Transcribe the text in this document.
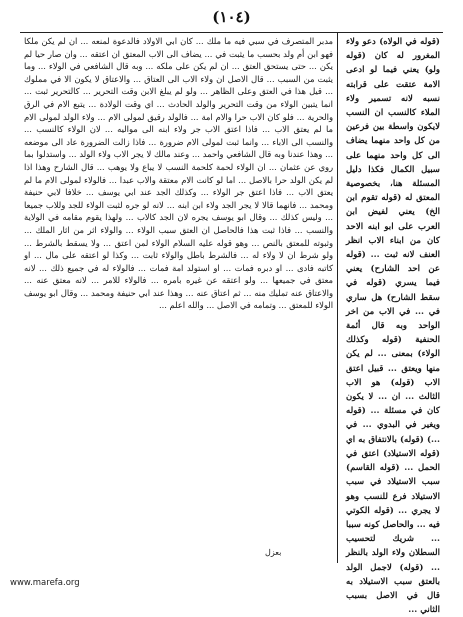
(١٠٤)
مدبر المتصرف في سبي فيه ما ملك ... كان ابي الاولاد فالدعوة لمنعه ... ان لم يكن ملكا فهو ابن أم ولد بحسب ما يثبت في ... يضاف الى الاب المعتق ان اعتقه ... وان صار حيا لم يكن ... حتى يستحق العتق ... ان لم يكن على ملكه ... وبه قال الشافعي في الولاء ... وما يثبت من السبب ... قال الاصل ان ولاء الاب الى العتاق ... والاعتاق لا يكون الا في مملوك ... قيل هذا في العتق وعلى الظاهر ... ولو لم يبلغ الابن وقت التحرير ... كالتحرير ثبت ... انما يتبين الولاء من وقت التحرير والولد الحادث ... اي وقت الولادة ... يتبع الام في الرق والحرية ... فلو كان الاب حرا والام امة ... فالولد رقيق لمولى الام ... ولاء الولد لمولى الام ما لم يعتق الاب ... فاذا اعتق الاب جر ولاء ابنه الى مواليه ... لان الولاء كالنسب ... والنسب الى الاباء ... وانما ثبت لمولى الام ضرورة ... فاذا زالت الضرورة عاد الى موضعه ... وهذا عندنا وبه قال الشافعي واحمد ... وعند مالك لا يجر الاب ولاء الولد ... واستدلوا بما روي عن عثمان ... ان الولاء لحمة كلحمة النسب لا يباع ولا يوهب ... قال الشارح وهذا اذا لم يكن الولد حرا بالاصل ... اما لو كانت الام معتقة والاب عبدا ... فالولاء لمولى الام ما لم يعتق الاب ... فاذا اعتق جر الولاء ... وكذلك الجد عند ابي يوسف ... خلافا لابي حنيفة ومحمد ... فانهما قالا لا يجر الجد ولاء ابن ابنه ... لانه لو جره لثبت الولاء للجد وللاب جميعا ... وليس كذلك ... وقال ابو يوسف يجره لان الجد كالاب ... ولهذا يقوم مقامه في الولاية والنسب ... فاذا ثبت هذا فالحاصل ان العتق سبب الولاء ... والولاء اثر من اثار الملك ... وثبوته للمعتق بالنص ... وهو قوله عليه السلام الولاء لمن اعتق ... ولا يسقط بالشرط ... ولو شرط ان لا ولاء له ... فالشرط باطل والولاء ثابت ... وكذا لو اعتقه على مال ... او كاتبه فادى ... او دبره فمات ... او استولد امة فمات ... فالولاء له في جميع ذلك ... لانه معتق في جميعها ... ولو اعتقه عن غيره بامره ... فالولاء للامر ... لانه معتق عنه ... والاعتاق عنه تمليك منه ... ثم اعتاق عنه ... وهذا عند ابي حنيفة ومحمد ... وقال ابو يوسف الولاء للمعتق ... وتمامه في الاصل ... والله اعلم ...
(قوله في الولاه) دعو ولاء المغرور له كان (قوله ولو) يعني فيما لو ادعى الامة عتقت على قرابته نسبه لانه تسمير ولاء الملاء كالنسب ان النسب لايكون واسطة بين فرعين من كل واحد منهما يضاف الى كل واحد منهما على سبيل الكمال فكذا دليل المسئلة هنا، بخصوصية المعتق له (قوله تقوم ابن الخ) يعني لفيض ابن العرب على ابو ابنه الاحد كان من ابناء الاب انظر العنف لانه ثبت ... (قوله عن احد الشارح) يعني فيما يسري (قوله في سقط الشارح) هل ساري في ... في الاب من اخر الواحد وبه قال أئمة الحنفية (قوله وكذلك الولاء) بمعنى ... لم يكن منها ويعتق ... قبيل اعتق الاب (قوله) هو الاب الثالث ... ان ... لا يكون كان في مسئلة ... (قوله ويغير في البدوي ... في ...) (قوله) بالانتفاق به اي (قوله الاستيلاد) اعتق في الحمل ... (قوله القاسم) سبب الاستيلاد في سبب الاستيلاد فرع للنسب وهو لا يجري ... (قوله الكوتي فيه ... والحاصل كونه سببا ... شريك لتحسيب السطلان ولاء الولد بالنظر ... (قوله) لاجمل الولد بالعتق سبب الاستيلاد به قال في الاصل بسبب الثاني ...
بعزل
www.marefa.org
